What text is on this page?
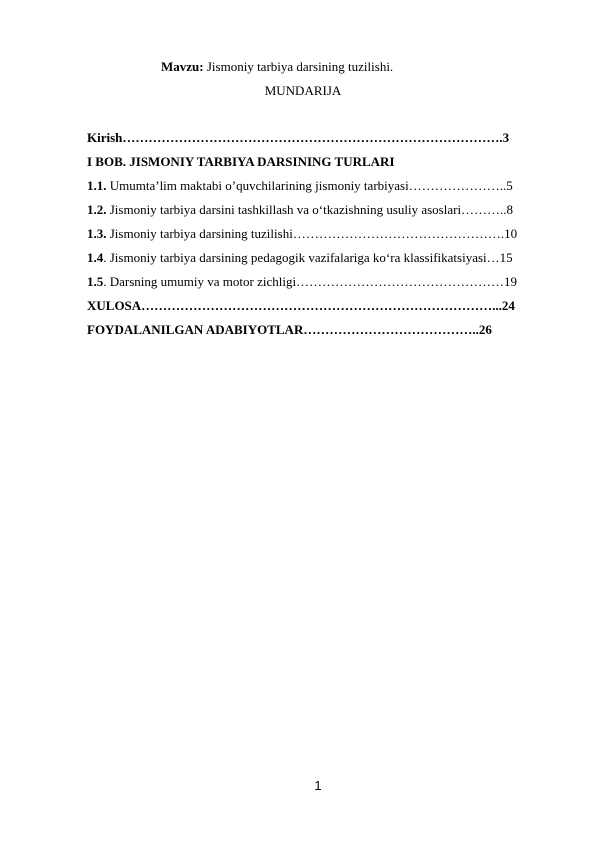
Mavzu: Jismoniy tarbiya darsining tuzilishi.
MUNDARIJA
Kirish…………………………………………………………………………….3
I BOB. JISMONIY TARBIYA DARSINING TURLARI
1.1. Umumta’lim maktabi o’quvchilarining jismoniy tarbiyasi…………………..5
1.2. Jismoniy tarbiya darsini tashkillash va o‘tkazishning usuliy asoslari………..8
1.3. Jismoniy tarbiya darsining tuzilishi………………………………………….10
1.4. Jismoniy tarbiya darsining pedagogik vazifalariga ko‘ra klassifikatsiyasi…15
1.5. Darsning umumiy va motor zichligi…………………………………………19
XULOSA………………………………………………………………………...24
FOYDALANILGAN ADABIYOTLAR…………………………………..26
1
